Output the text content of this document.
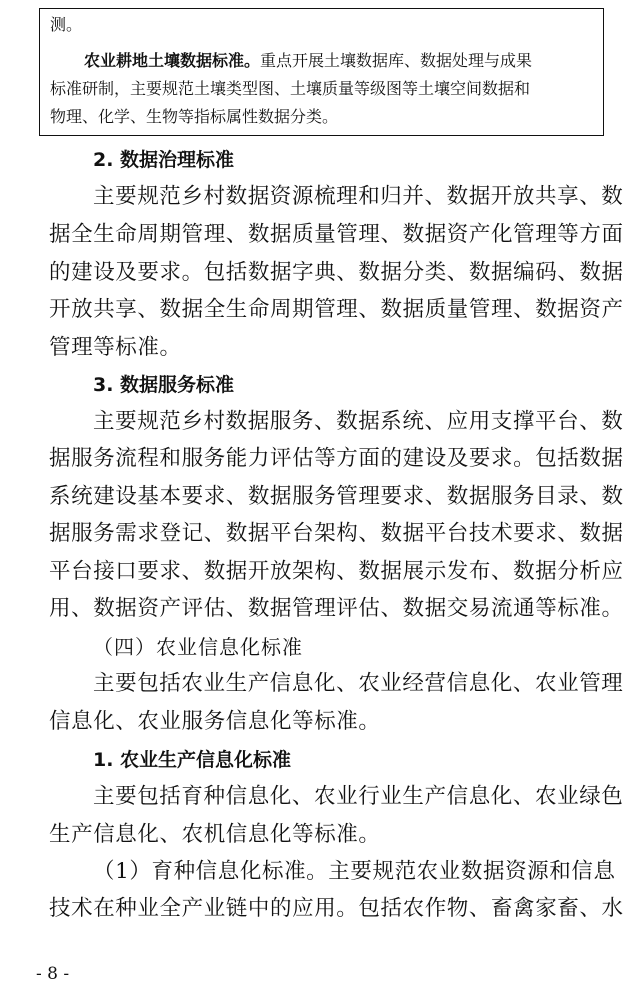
测。
农业耕地土壤数据标准。重点开展土壤数据库、数据处理与成果
标准研制，主要规范土壤类型图、土壤质量等级图等土壤空间数据和
物理、化学、生物等指标属性数据分类。
2. 数据治理标准
主要规范乡村数据资源梳理和归并、数据开放共享、数
据全生命周期管理、数据质量管理、数据资产化管理等方面
的建设及要求。包括数据字典、数据分类、数据编码、数据
开放共享、数据全生命周期管理、数据质量管理、数据资产
管理等标准。
3. 数据服务标准
主要规范乡村数据服务、数据系统、应用支撑平台、数
据服务流程和服务能力评估等方面的建设及要求。包括数据
系统建设基本要求、数据服务管理要求、数据服务目录、数
据服务需求登记、数据平台架构、数据平台技术要求、数据
平台接口要求、数据开放架构、数据展示发布、数据分析应
用、数据资产评估、数据管理评估、数据交易流通等标准。
（四）农业信息化标准
主要包括农业生产信息化、农业经营信息化、农业管理
信息化、农业服务信息化等标准。
1. 农业生产信息化标准
主要包括育种信息化、农业行业生产信息化、农业绿色
生产信息化、农机信息化等标准。
（1）育种信息化标准。主要规范农业数据资源和信息
技术在种业全产业链中的应用。包括农作物、畜禽家畜、水
- 8 -
